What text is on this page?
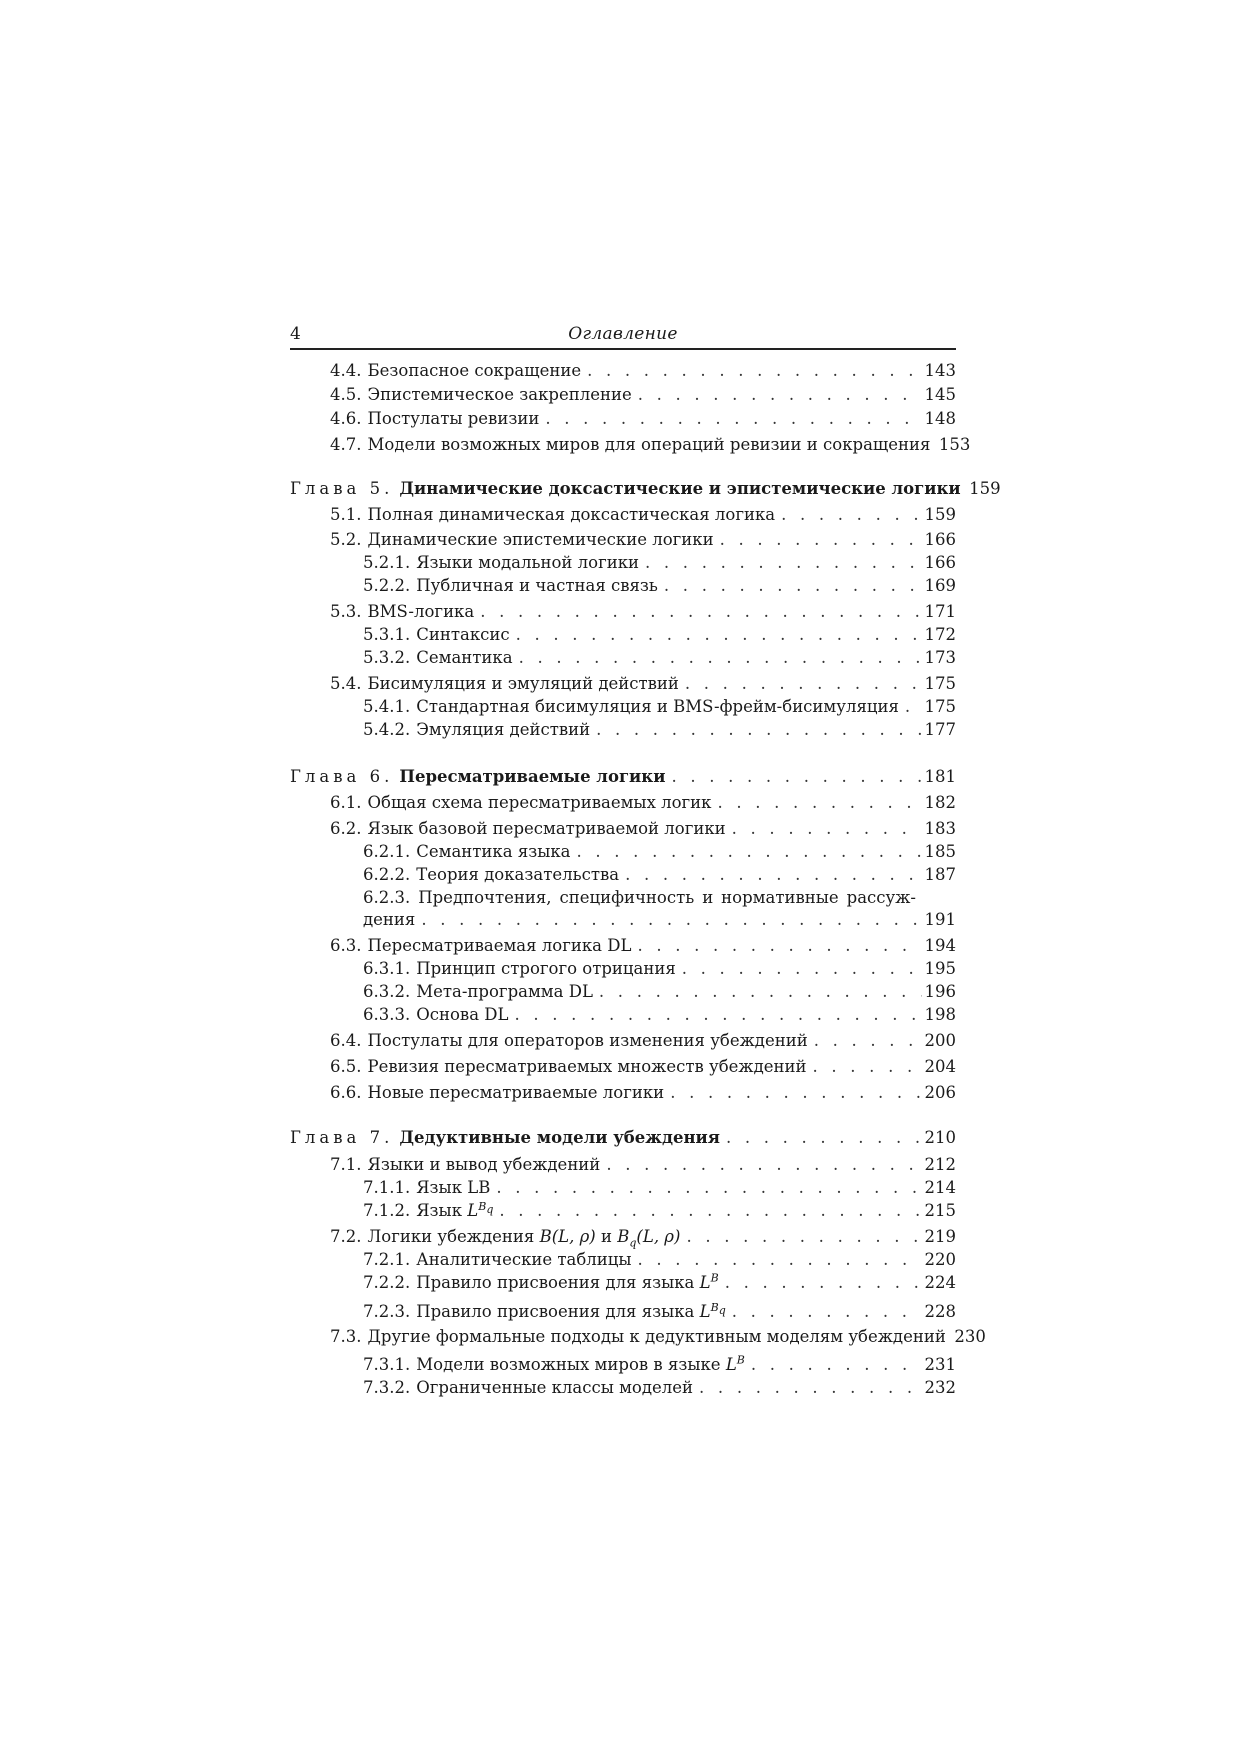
4	Оглавление
4.4. Безопасное сокращение . . .	143
4.5. Эпистемическое закрепление . . .	145
4.6. Постулаты ревизии . . .	148
4.7. Модели возможных миров для операций ревизии и сокращения 153
Глава 5. Динамические доксастические и эпистемические логики 159
5.1. Полная динамическая доксастическая логика . . .	159
5.2. Динамические эпистемические логики . . .	166
5.2.1. Языки модальной логики . . .	166
5.2.2. Публичная и частная связь . . .	169
5.3. BMS-логика . . .	171
5.3.1. Синтаксис . . .	172
5.3.2. Семантика . . .	173
5.4. Бисимуляция и эмуляций действий . . .	175
5.4.1. Стандартная бисимуляция и BMS-фрейм-бисимуляция . . .	175
5.4.2. Эмуляция действий . . .	177
Глава 6. Пересматриваемые логики . . .	181
6.1. Общая схема пересматриваемых логик . . .	182
6.2. Язык базовой пересматриваемой логики . . .	183
6.2.1. Семантика языка . . .	185
6.2.2. Теория доказательства . . .	187
6.2.3. Предпочтения, специфичность и нормативные рассуж-
дения . . .	191
6.3. Пересматриваемая логика DL . . .	194
6.3.1. Принцип строгого отрицания . . .	195
6.3.2. Мета-программа DL . . .	196
6.3.3. Основа DL . . .	198
6.4. Постулаты для операторов изменения убеждений . . .	200
6.5. Ревизия пересматриваемых множеств убеждений . . .	204
6.6. Новые пересматриваемые логики . . .	206
Глава 7. Дедуктивные модели убеждения . . .	210
7.1. Языки и вывод убеждений . . .	212
7.1.1. Язык LB . . .	214
7.1.2. Язык $L^{B_q}$ . . .	215
7.2. Логики убеждения B(L, ρ) и $B_q(L$, ρ) . . .	219
7.2.1. Аналитические таблицы . . .	220
7.2.2. Правило присвоения для языка $L^B$ . . .	224
7.2.3. Правило присвоения для языка $L^{B_q}$ . . .	228
7.3. Другие формальные подходы к дедуктивным моделям убеждений 230
7.3.1. Модели возможных миров в языке $L^B$ . . .	231
7.3.2. Ограниченные классы моделей . . .	232
